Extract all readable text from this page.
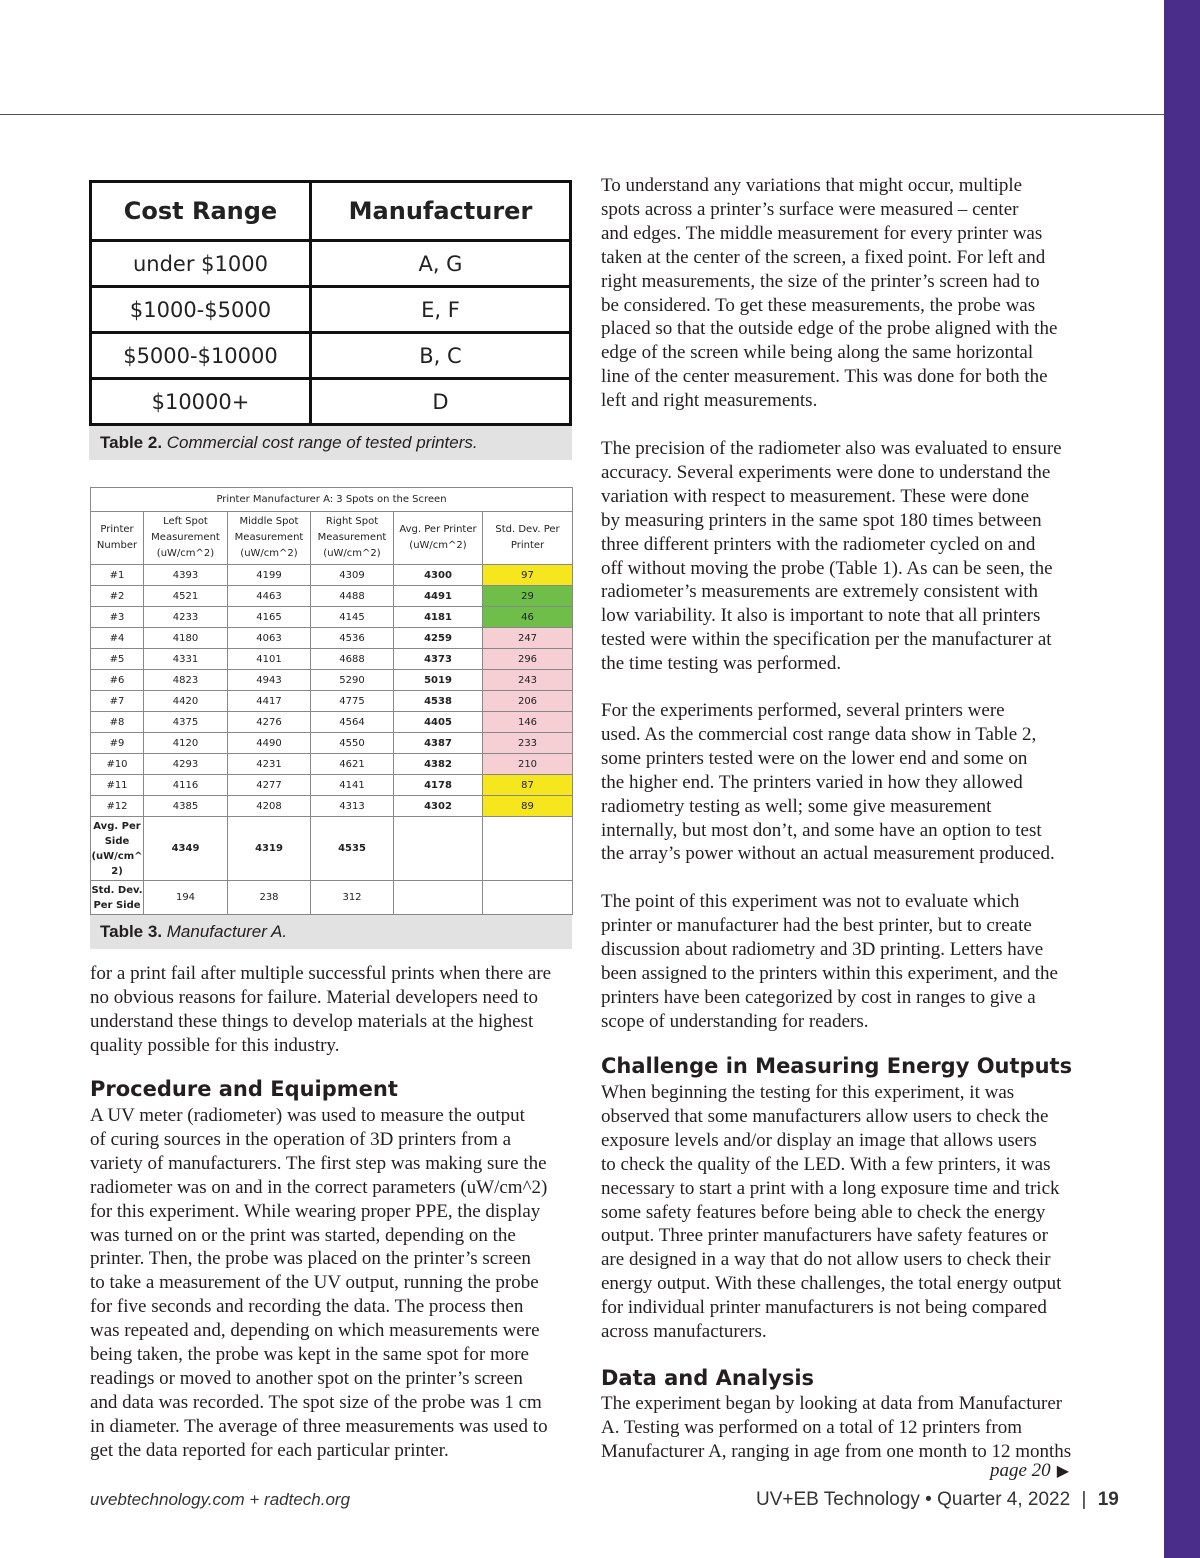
Cost Range	Manufacturer
under $1000	A, G
$1000-$5000	E, F
$5000-$10000	B, C
$10000+	D
Table 2. Commercial cost range of tested printers.
Printer Manufacturer A: 3 Spots on the Screen					
Printer Number	Left Spot Measurement (uW/cm^2)	Middle Spot Measurement (uW/cm^2)	Right Spot Measurement (uW/cm^2)	Avg. Per Printer (uW/cm^2)	Std. Dev. Per Printer
#1	4393	4199	4309	4300	97
#2	4521	4463	4488	4491	29
#3	4233	4165	4145	4181	46
#4	4180	4063	4536	4259	247
#5	4331	4101	4688	4373	296
#6	4823	4943	5290	5019	243
#7	4420	4417	4775	4538	206
#8	4375	4276	4564	4405	146
#9	4120	4490	4550	4387	233
#10	4293	4231	4621	4382	210
#11	4116	4277	4141	4178	87
#12	4385	4208	4313	4302	89
Avg. Per Side (uW/cm^ 2)	4349	4319	4535		
Std. Dev. Per Side	194	238	312		
Table 3. Manufacturer A.

for a print fail after multiple successful prints when there are
no obvious reasons for failure. Material developers need to
understand these things to develop materials at the highest
quality possible for this industry.

Procedure and Equipment

A UV meter (radiometer) was used to measure the output
of curing sources in the operation of 3D printers from a
variety of manufacturers. The first step was making sure the
radiometer was on and in the correct parameters (uW/cm^2)
for this experiment. While wearing proper PPE, the display
was turned on or the print was started, depending on the
printer. Then, the probe was placed on the printer’s screen
to take a measurement of the UV output, running the probe
for five seconds and recording the data. The process then
was repeated and, depending on which measurements were
being taken, the probe was kept in the same spot for more
readings or moved to another spot on the printer’s screen
and data was recorded. The spot size of the probe was 1 cm
in diameter. The average of three measurements was used to
get the data reported for each particular printer.

To understand any variations that might occur, multiple
spots across a printer’s surface were measured – center
and edges. The middle measurement for every printer was
taken at the center of the screen, a fixed point. For left and
right measurements, the size of the printer’s screen had to
be considered. To get these measurements, the probe was
placed so that the outside edge of the probe aligned with the
edge of the screen while being along the same horizontal
line of the center measurement. This was done for both the
left and right measurements.

The precision of the radiometer also was evaluated to ensure
accuracy. Several experiments were done to understand the
variation with respect to measurement. These were done
by measuring printers in the same spot 180 times between
three different printers with the radiometer cycled on and
off without moving the probe (Table 1). As can be seen, the
radiometer’s measurements are extremely consistent with
low variability. It also is important to note that all printers
tested were within the specification per the manufacturer at
the time testing was performed.

For the experiments performed, several printers were
used. As the commercial cost range data show in Table 2,
some printers tested were on the lower end and some on
the higher end. The printers varied in how they allowed
radiometry testing as well; some give measurement
internally, but most don’t, and some have an option to test
the array’s power without an actual measurement produced.

The point of this experiment was not to evaluate which
printer or manufacturer had the best printer, but to create
discussion about radiometry and 3D printing. Letters have
been assigned to the printers within this experiment, and the
printers have been categorized by cost in ranges to give a
scope of understanding for readers.

Challenge in Measuring Energy Outputs

When beginning the testing for this experiment, it was
observed that some manufacturers allow users to check the
exposure levels and/or display an image that allows users
to check the quality of the LED. With a few printers, it was
necessary to start a print with a long exposure time and trick
some safety features before being able to check the energy
output. Three printer manufacturers have safety features or
are designed in a way that do not allow users to check their
energy output. With these challenges, the total energy output
for individual printer manufacturers is not being compared
across manufacturers.

Data and Analysis

The experiment began by looking at data from Manufacturer
A. Testing was performed on a total of 12 printers from
Manufacturer A, ranging in age from one month to 12 months

page 20 ▶
uvebtechnology.com + radtech.org	UV+EB Technology • Quarter 4, 2022 | 19
